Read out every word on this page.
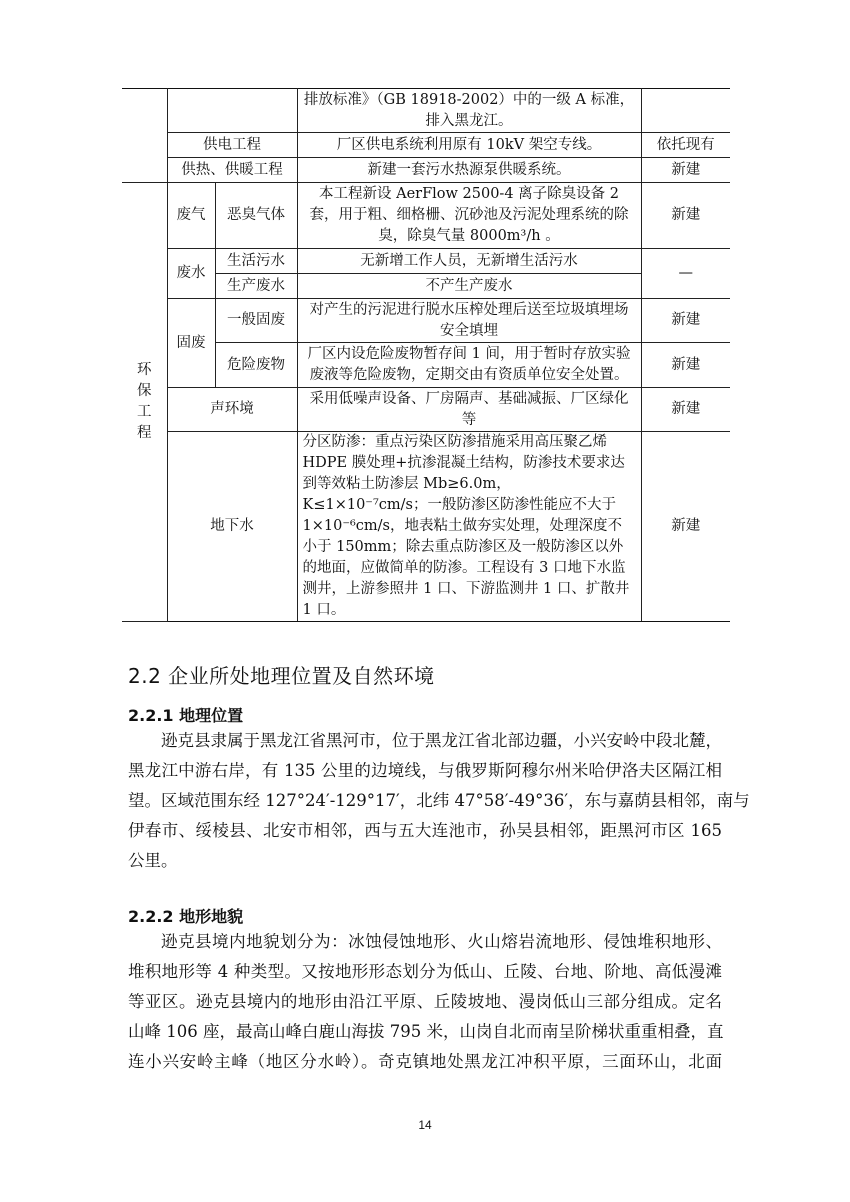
			排放标准》（GB 18918-2002）中的一级 A 标准，排入黑龙江。	
	供电工程		厂区供电系统利用原有 10kV 架空专线。	依托现有
	供热、供暖工程		新建一套污水热源泵供暖系统。	新建
环保工程	废气	恶臭气体	本工程新设 AerFlow 2500-4 离子除臭设备 2 套，用于粗、细格栅、沉砂池及污泥处理系统的除臭，除臭气量 8000m³/h 。	新建
	废水	生活污水	无新增工作人员，无新增生活污水	—
		生产废水	不产生产废水	
	固废	一般固废	对产生的污泥进行脱水压榨处理后送至垃圾填埋场安全填埋	新建
		危险废物	厂区内设危险废物暂存间 1 间，用于暂时存放实验废液等危险废物，定期交由有资质单位安全处置。	新建
	声环境		采用低噪声设备、厂房隔声、基础减振、厂区绿化等	新建
	地下水		分区防渗：重点污染区防渗措施采用高压聚乙烯 HDPE 膜处理+抗渗混凝土结构，防渗技术要求达到等效粘土防渗层 Mb≥6.0m，K≤1×10⁻⁷cm/s；一般防渗区防渗性能应不大于 1×10⁻⁶cm/s，地表粘土做夯实处理，处理深度不小于 150mm；除去重点防渗区及一般防渗区以外的地面，应做简单的防渗。工程设有 3 口地下水监测井，上游参照井 1 口、下游监测井 1 口、扩散井 1 口。	新建
2.2 企业所处地理位置及自然环境
2.2.1 地理位置
逊克县隶属于黑龙江省黑河市，位于黑龙江省北部边疆，小兴安岭中段北麓，
黑龙江中游右岸，有 135 公里的边境线，与俄罗斯阿穆尔州米哈伊洛夫区隔江相
望。区域范围东经 127°24′-129°17′，北纬 47°58′-49°36′，东与嘉荫县相邻，南与
伊春市、绥棱县、北安市相邻，西与五大连池市，孙吴县相邻，距黑河市区 165
公里。
2.2.2 地形地貌
逊克县境内地貌划分为：冰蚀侵蚀地形、火山熔岩流地形、侵蚀堆积地形、
堆积地形等 4 种类型。又按地形形态划分为低山、丘陵、台地、阶地、高低漫滩
等亚区。逊克县境内的地形由沿江平原、丘陵坡地、漫岗低山三部分组成。定名
山峰 106 座，最高山峰白鹿山海拔 795 米，山岗自北而南呈阶梯状重重相叠，直
连小兴安岭主峰（地区分水岭）。奇克镇地处黑龙江冲积平原，三面环山，北面
14
